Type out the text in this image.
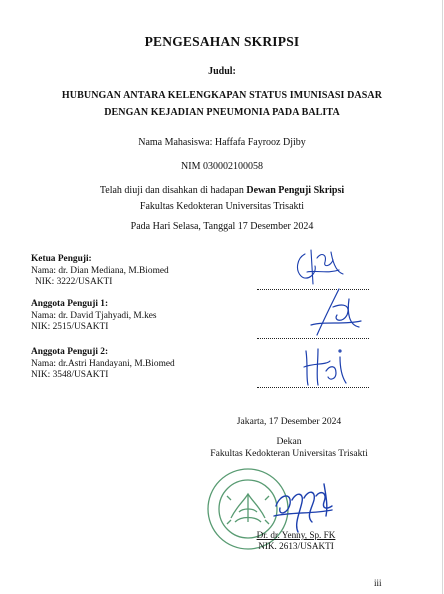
PENGESAHAN SKRIPSI
Judul:
HUBUNGAN ANTARA KELENGKAPAN STATUS IMUNISASI DASAR
DENGAN KEJADIAN PNEUMONIA PADA BALITA
Nama Mahasiswa: Haffafa Fayrooz Djiby
NIM 030002100058
Telah diuji dan disahkan di hadapan Dewan Penguji Skripsi
Fakultas Kedokteran Universitas Trisakti
Pada Hari Selasa, Tanggal 17 Desember 2024
Ketua Penguji:
Nama: dr. Dian Mediana, M.Biomed
NIK: 3222/USAKTI
Anggota Penguji 1:
Nama: dr. David Tjahyadi, M.kes
NIK: 2515/USAKTI
Anggota Penguji 2:
Nama: dr.Astri Handayani, M.Biomed
NIK: 3548/USAKTI
Jakarta, 17 Desember 2024
Dekan
Fakultas Kedokteran Universitas Trisakti
Dr. dr. Yenny, Sp. FK
NIK. 2613/USAKTI
iii
